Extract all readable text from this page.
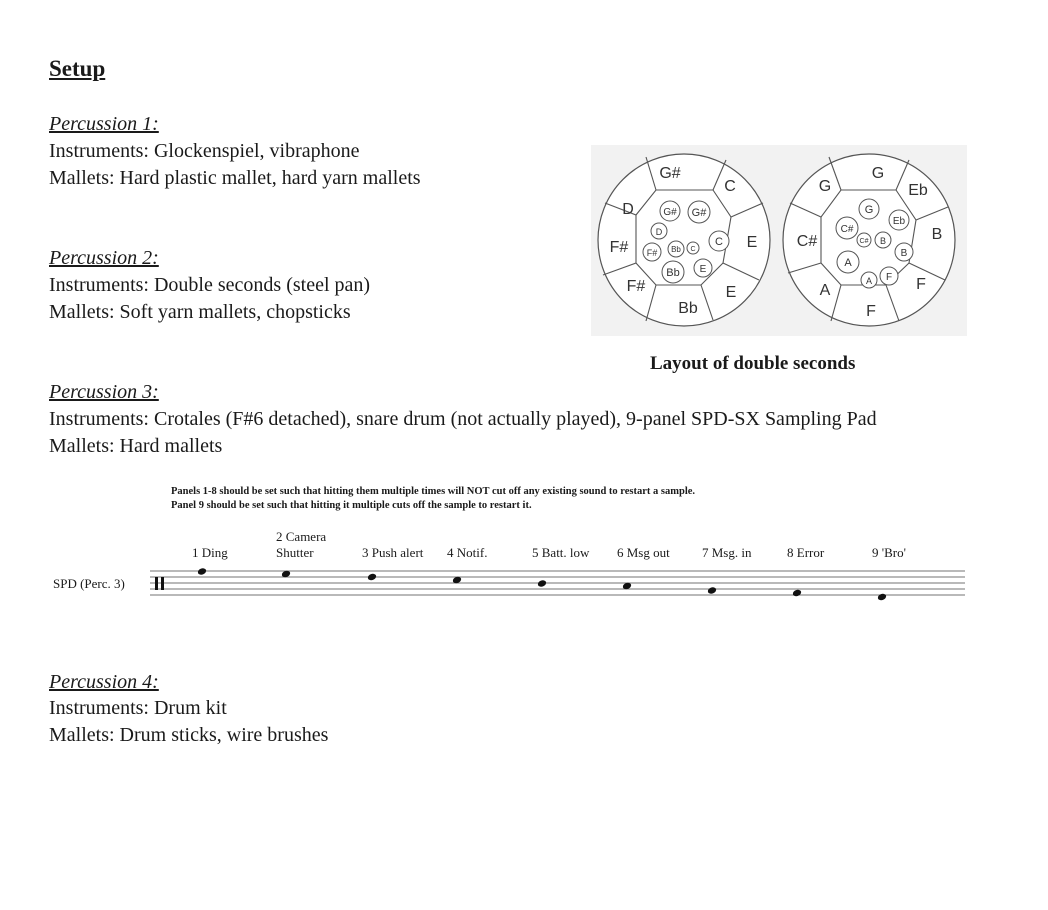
Setup
Percussion 1:
Instruments: Glockenspiel, vibraphone
Mallets: Hard plastic mallet, hard yarn mallets
Percussion 2:
Instruments: Double seconds (steel pan)
Mallets: Soft yarn mallets, chopsticks
G#
C
E
E
Bb
F#
F#
D	G# G#
D
C
F# Bb C
E
Bb
G
Eb
B
F
F
A
C#
G
G
Eb
C#
C# B
B
A
A F
Layout of double seconds
Percussion 3:
Instruments: Crotales (F#6 detached), snare drum (not actually played), 9-panel SPD-SX Sampling Pad
Mallets: Hard mallets
Panels 1-8 should be set such that hitting them multiple times will NOT cut off any existing sound to restart a sample.
Panel 9 should be set such that hitting it multiple cuts off the sample to restart it.
SPD (Perc. 3)
1 Ding
2 Camera
Shutter	3 Push alert 4 Notif.	5 Batt. low 6 Msg out 7 Msg. in	8 Error	9 'Bro'
Percussion 4:
Instruments: Drum kit
Mallets: Drum sticks, wire brushes
